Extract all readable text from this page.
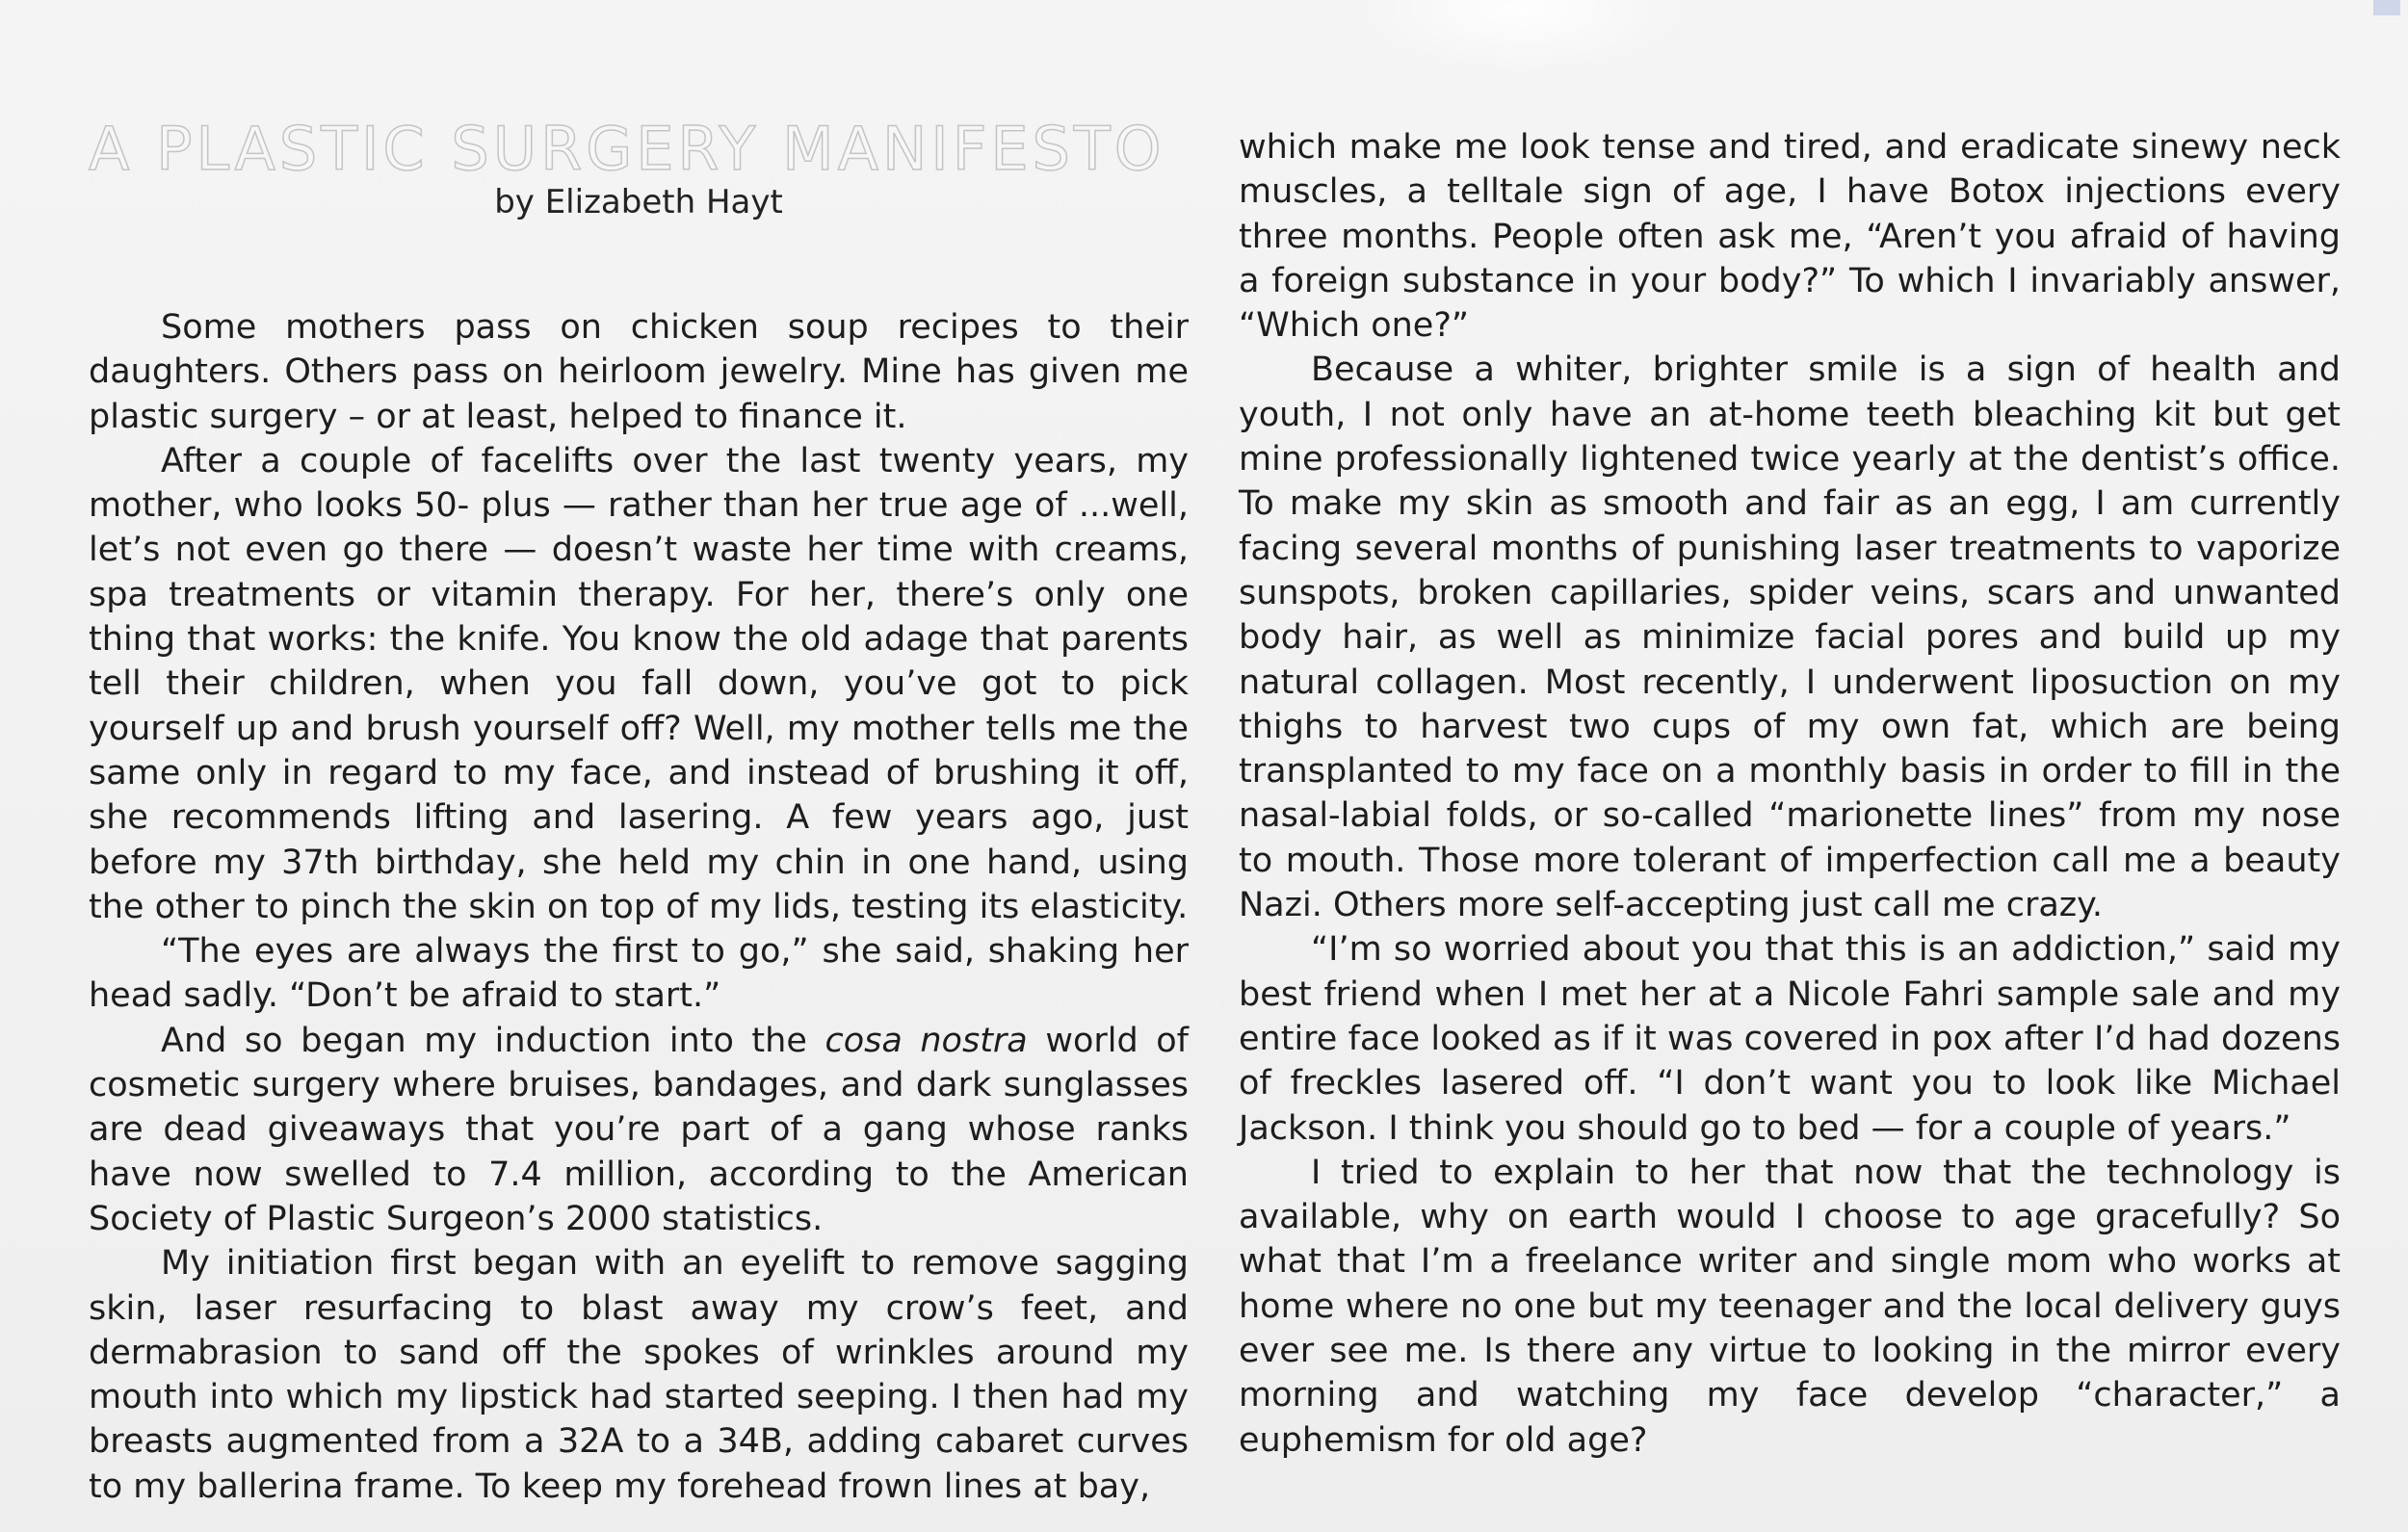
A PLASTIC SURGERY MANIFESTO
by Elizabeth Hayt

Some mothers pass on chicken soup recipes to their daughters. Others pass on heirloom jewelry. Mine has given me plastic surgery – or at least, helped to finance it.

After a couple of facelifts over the last twenty years, my mother, who looks 50- plus — rather than her true age of ...well, let’s not even go there — doesn’t waste her time with creams, spa treatments or vitamin therapy. For her, there’s only one thing that works: the knife. You know the old adage that parents tell their children, when you fall down, you’ve got to pick yourself up and brush yourself off? Well, my mother tells me the same only in regard to my face, and instead of brushing it off, she recommends lifting and lasering. A few years ago, just before my 37th birthday, she held my chin in one hand, using the other to pinch the skin on top of my lids, testing its elasticity.

“The eyes are always the first to go,” she said, shaking her head sadly. “Don’t be afraid to start.”

And so began my induction into the cosa nostra world of cosmetic surgery where bruises, bandages, and dark sunglasses are dead giveaways that you’re part of a gang whose ranks have now swelled to 7.4 million, according to the American Society of Plastic Surgeon’s 2000 statistics.

My initiation first began with an eyelift to remove sagging skin, laser resurfacing to blast away my crow’s feet, and dermabrasion to sand off the spokes of wrinkles around my mouth into which my lipstick had started seeping. I then had my breasts augmented from a 32A to a 34B, adding cabaret curves to my ballerina frame. To keep my forehead frown lines at bay,

which make me look tense and tired, and eradicate sinewy neck muscles, a telltale sign of age, I have Botox injections every three months. People often ask me, “Aren’t you afraid of having a foreign substance in your body?” To which I invariably answer, “Which one?”

Because a whiter, brighter smile is a sign of health and youth, I not only have an at-home teeth bleaching kit but get mine professionally lightened twice yearly at the dentist’s office. To make my skin as smooth and fair as an egg, I am currently facing several months of punishing laser treatments to vaporize sunspots, broken capillaries, spider veins, scars and unwanted body hair, as well as minimize facial pores and build up my natural collagen. Most recently, I underwent liposuction on my thighs to harvest two cups of my own fat, which are being transplanted to my face on a monthly basis in order to fill in the nasal-labial folds, or so-called “marionette lines” from my nose to mouth. Those more tolerant of imperfection call me a beauty Nazi. Others more self-accepting just call me crazy.

“I’m so worried about you that this is an addiction,” said my best friend when I met her at a Nicole Fahri sample sale and my entire face looked as if it was covered in pox after I’d had dozens of freckles lasered off. “I don’t want you to look like Michael Jackson. I think you should go to bed — for a couple of years.”

I tried to explain to her that now that the technology is available, why on earth would I choose to age gracefully? So what that I’m a freelance writer and single mom who works at home where no one but my teenager and the local delivery guys ever see me. Is there any virtue to looking in the mirror every morning and watching my face develop “character,” a euphemism for old age?
